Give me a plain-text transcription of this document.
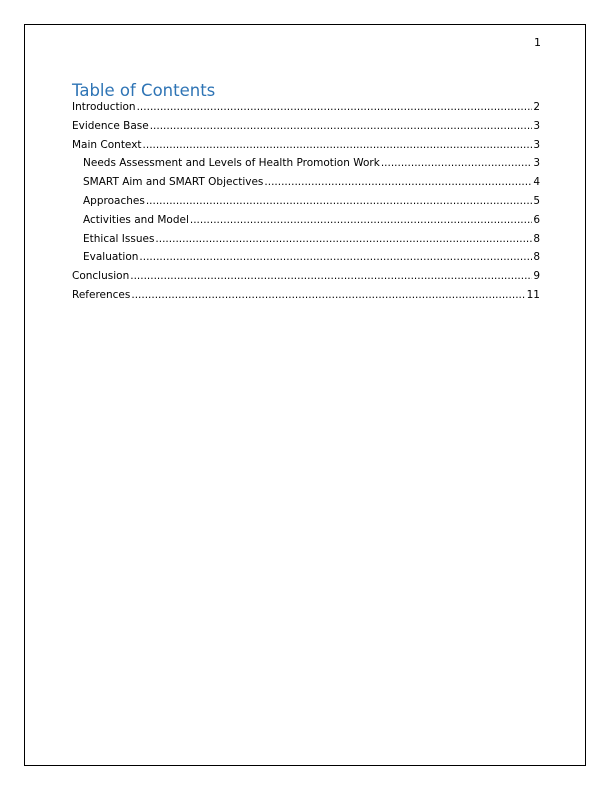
1
Table of Contents
Introduction .....	2
Evidence Base .....	3
Main Context .....	3
Needs Assessment and Levels of Health Promotion Work .....	3
SMART Aim and SMART Objectives .....	4
Approaches .....	5
Activities and Model .....	6
Ethical Issues .....	8
Evaluation .....	8
Conclusion .....	9
References .....	11
